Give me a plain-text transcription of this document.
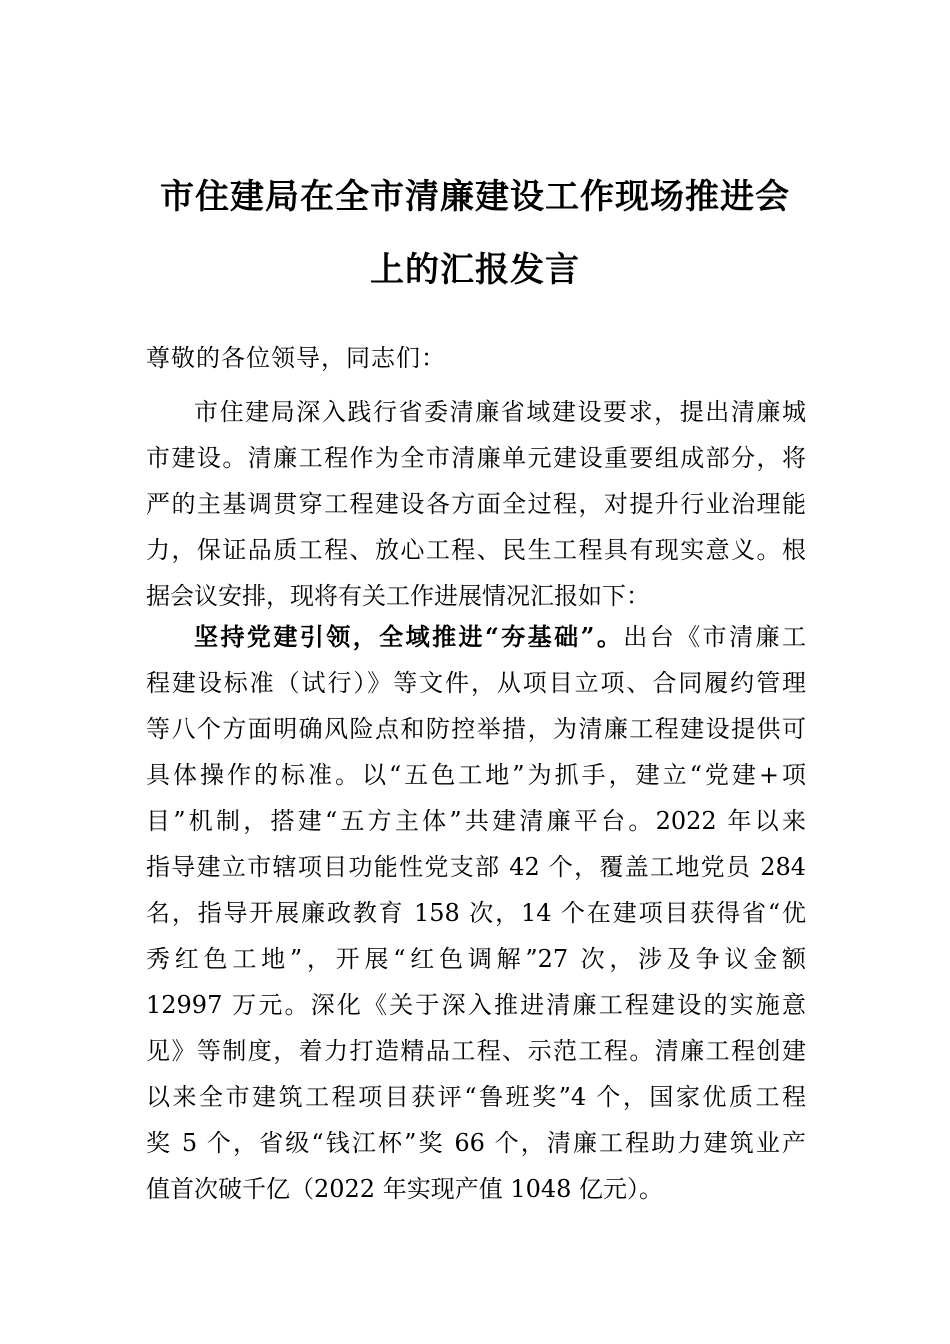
市住建局在全市清廉建设工作现场推进会
上的汇报发言

尊敬的各位领导，同志们：

市住建局深入践行省委清廉省域建设要求，提出清廉城
市建设。清廉工程作为全市清廉单元建设重要组成部分，将
严的主基调贯穿工程建设各方面全过程，对提升行业治理能
力，保证品质工程、放心工程、民生工程具有现实意义。根
据会议安排，现将有关工作进展情况汇报如下：
坚持党建引领，全域推进“夯基础”。出台《市清廉工
程建设标准（试行）》等文件，从项目立项、合同履约管理
等八个方面明确风险点和防控举措，为清廉工程建设提供可
具体操作的标准。以“五色工地”为抓手，建立“党建+项
目”机制，搭建“五方主体”共建清廉平台。2022 年以来
指导建立市辖项目功能性党支部 42 个，覆盖工地党员 284
名，指导开展廉政教育 158 次，14 个在建项目获得省“优
秀红色工地”，开展“红色调解”27 次，涉及争议金额
12997 万元。深化《关于深入推进清廉工程建设的实施意
见》等制度，着力打造精品工程、示范工程。清廉工程创建
以来全市建筑工程项目获评“鲁班奖”4 个，国家优质工程
奖 5 个，省级“钱江杯”奖 66 个，清廉工程助力建筑业产
值首次破千亿（2022 年实现产值 1048 亿元）。
